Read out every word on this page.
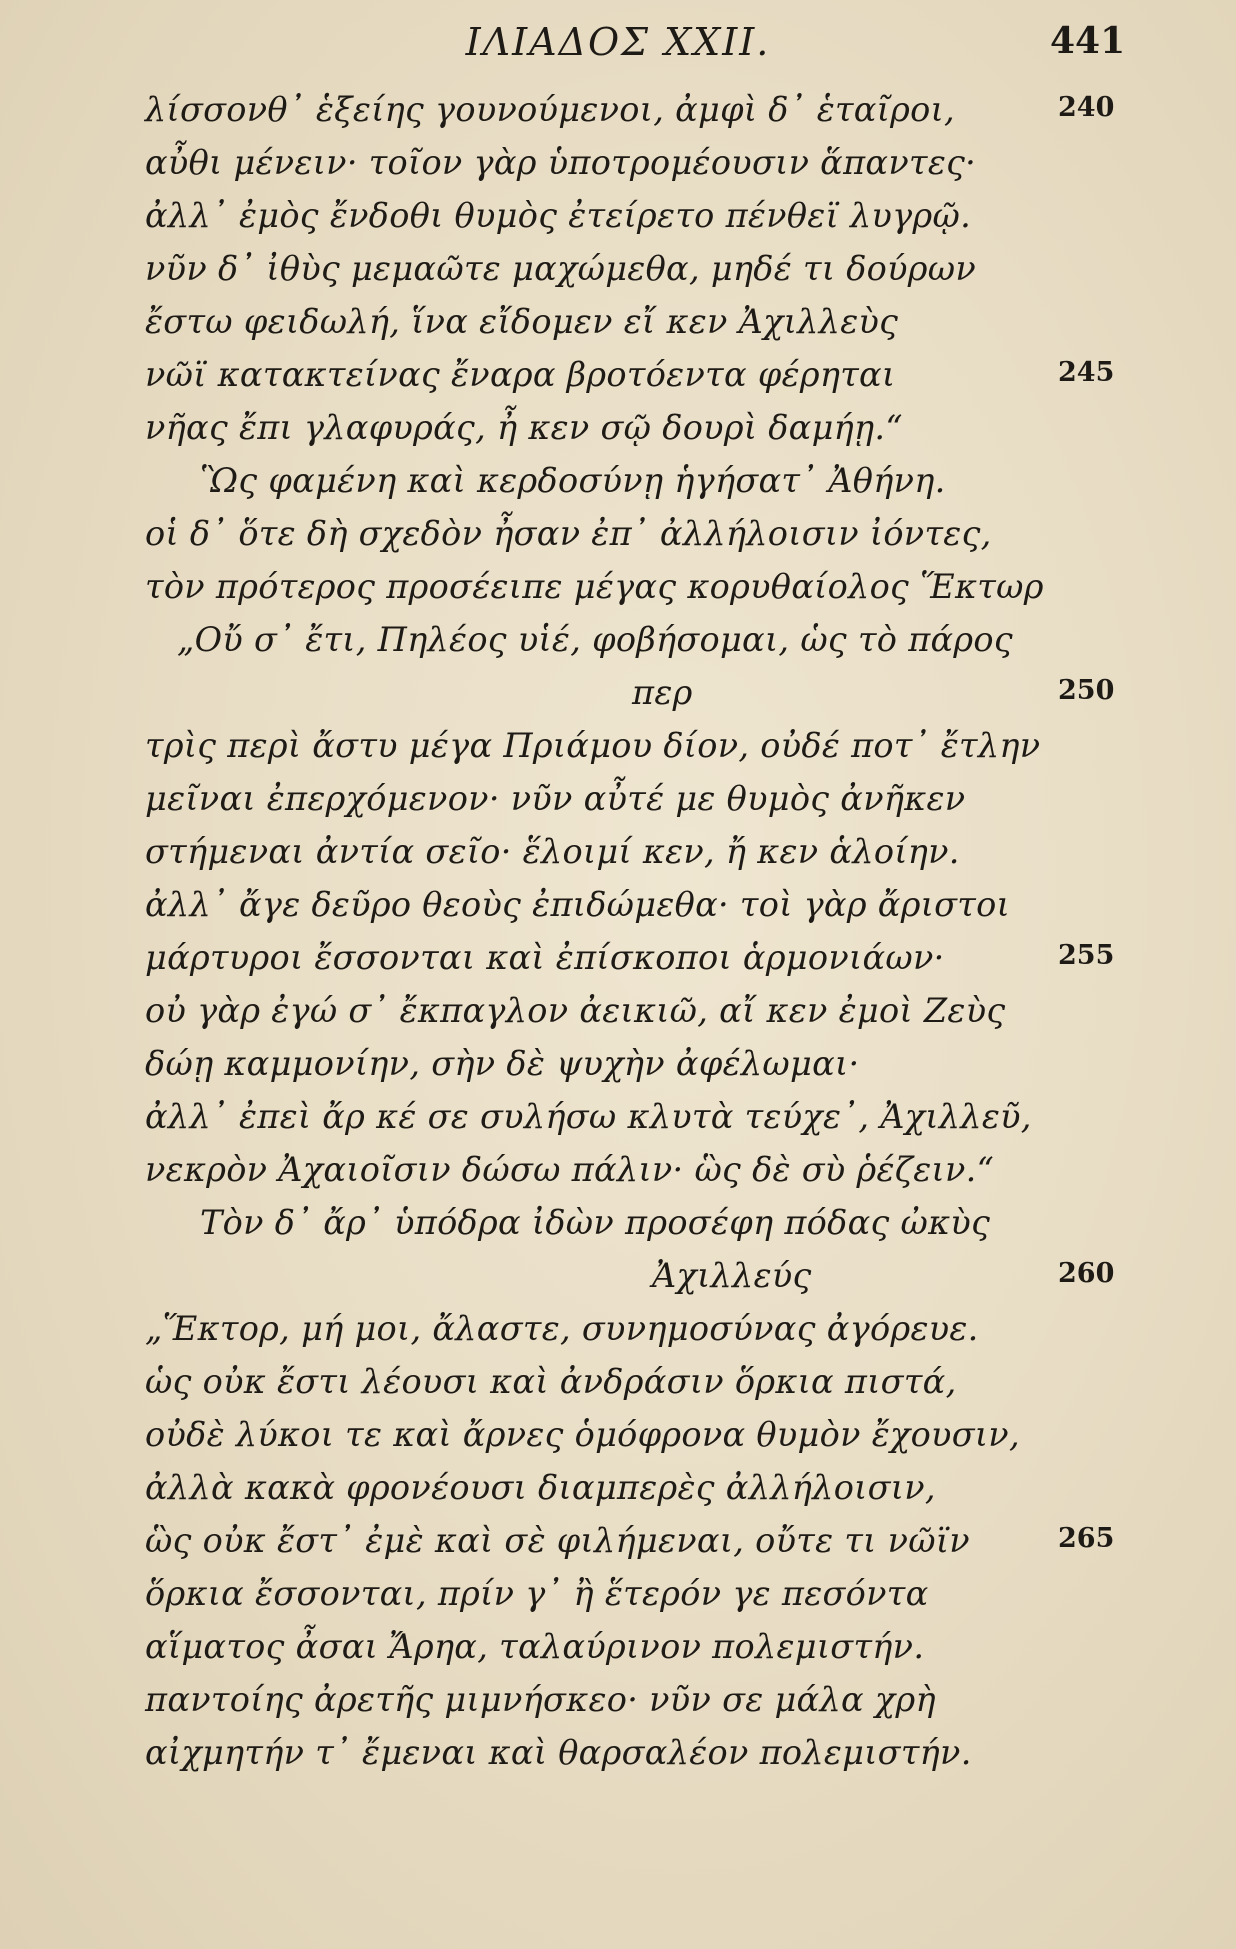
ΙΛΙΑΔΟΣ XXII.	441
λίσσονθ᾽ ἑξείης γουνούμενοι, ἀμφὶ δ᾽ ἑταῖροι,	240
αὖθι μένειν· τοῖον γὰρ ὑποτρομέουσιν ἅπαντες·
ἀλλ᾽ ἐμὸς ἔνδοθι θυμὸς ἐτείρετο πένθεϊ λυγρῷ.
νῦν δ᾽ ἰθὺς μεμαῶτε μαχώμεθα, μηδέ τι δούρων
ἔστω φειδωλή, ἵνα εἴδομεν εἴ κεν Ἀχιλλεὺς
νῶϊ κατακτείνας ἔναρα βροτόεντα φέρηται	245
νῆας ἔπι γλαφυράς, ἦ κεν σῷ δουρὶ δαμήῃ.“
Ὣς φαμένη καὶ κερδοσύνῃ ἡγήσατ᾽ Ἀθήνη.
οἱ δ᾽ ὅτε δὴ σχεδὸν ἦσαν ἐπ᾽ ἀλλήλοισιν ἰόντες,
τὸν πρότερος προσέειπε μέγας κορυθαίολος Ἕκτωρ
„Οὔ σ᾽ ἔτι, Πηλέος υἱέ, φοβήσομαι, ὡς τὸ πάρος
περ	250
τρὶς περὶ ἄστυ μέγα Πριάμου δίον, οὐδέ ποτ᾽ ἔτλην
μεῖναι ἐπερχόμενον· νῦν αὖτέ με θυμὸς ἀνῆκεν
στήμεναι ἀντία σεῖο· ἕλοιμί κεν, ἤ κεν ἁλοίην.
ἀλλ᾽ ἄγε δεῦρο θεοὺς ἐπιδώμεθα· τοὶ γὰρ ἄριστοι
μάρτυροι ἔσσονται καὶ ἐπίσκοποι ἁρμονιάων·	255
οὐ γὰρ ἐγώ σ᾽ ἔκπαγλον ἀεικιῶ, αἴ κεν ἐμοὶ Ζεὺς
δώῃ καμμονίην, σὴν δὲ ψυχὴν ἀφέλωμαι·
ἀλλ᾽ ἐπεὶ ἄρ κέ σε συλήσω κλυτὰ τεύχε᾽, Ἀχιλλεῦ,
νεκρὸν Ἀχαιοῖσιν δώσω πάλιν· ὣς δὲ σὺ ῥέζειν.“
Τὸν δ᾽ ἄρ᾽ ὑπόδρα ἰδὼν προσέφη πόδας ὠκὺς
Ἀχιλλεύς	260
„Ἕκτορ, μή μοι, ἄλαστε, συνημοσύνας ἀγόρευε.
ὡς οὐκ ἔστι λέουσι καὶ ἀνδράσιν ὅρκια πιστά,
οὐδὲ λύκοι τε καὶ ἄρνες ὁμόφρονα θυμὸν ἔχουσιν,
ἀλλὰ κακὰ φρονέουσι διαμπερὲς ἀλλήλοισιν,
ὣς οὐκ ἔστ᾽ ἐμὲ καὶ σὲ φιλήμεναι, οὔτε τι νῶϊν	265
ὅρκια ἔσσονται, πρίν γ᾽ ἢ ἕτερόν γε πεσόντα
αἵματος ἆσαι Ἄρηα, ταλαύρινον πολεμιστήν.
παντοίης ἀρετῆς μιμνήσκεο· νῦν σε μάλα χρὴ
αἰχμητήν τ᾽ ἔμεναι καὶ θαρσαλέον πολεμιστήν.
